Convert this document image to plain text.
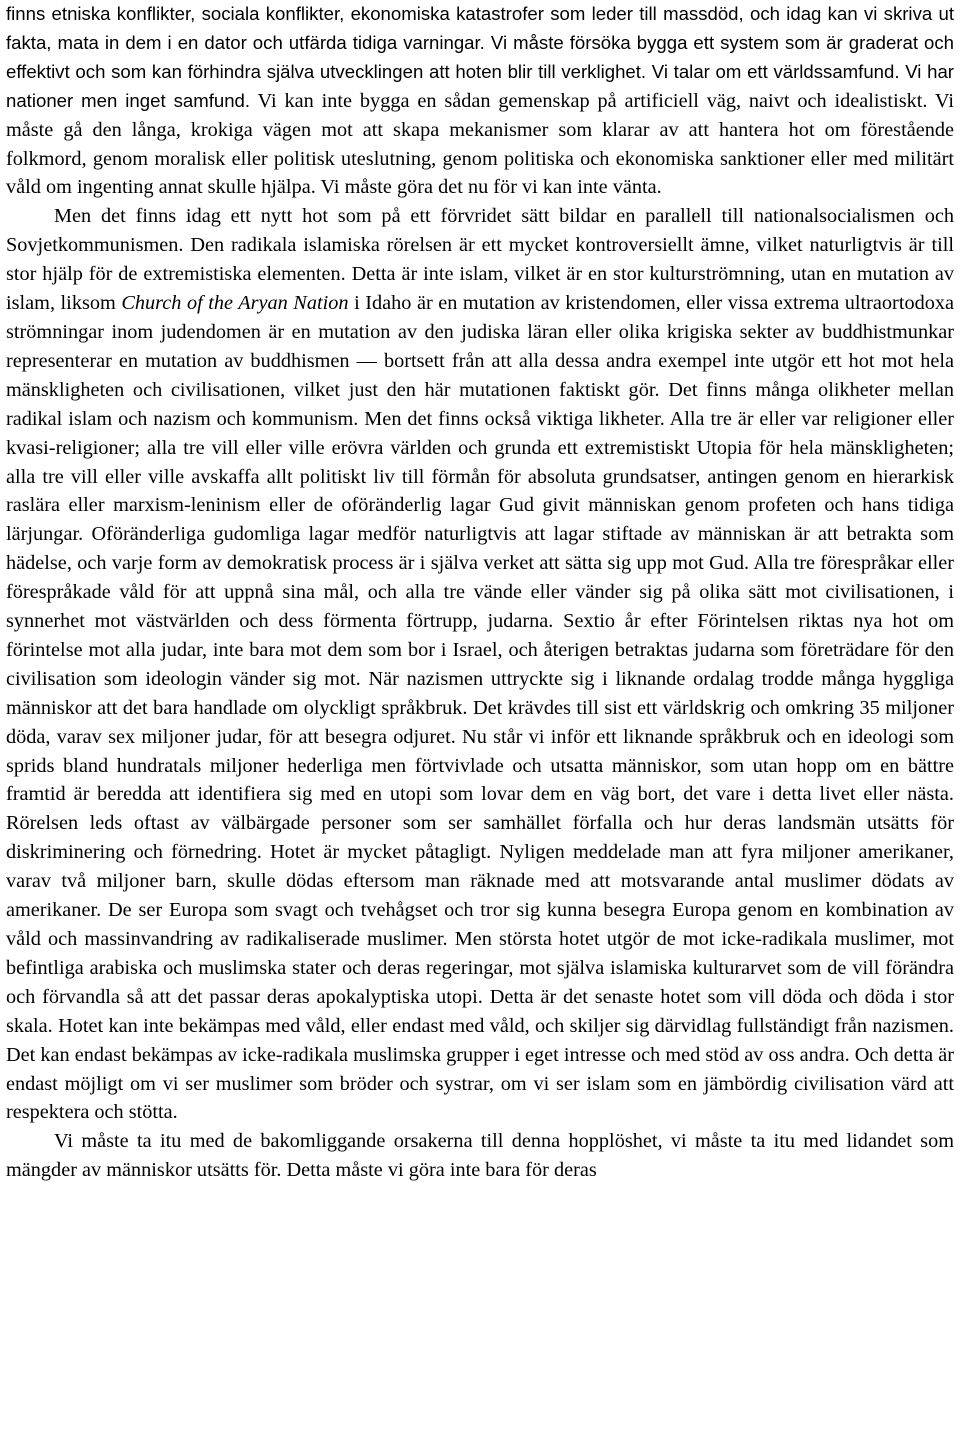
finns etniska konflikter, sociala konflikter, ekonomiska katastrofer som leder till massdöd, och idag kan vi skriva ut fakta, mata in dem i en dator och utfärda tidiga varningar. Vi måste försöka bygga ett system som är graderat och effektivt och som kan förhindra själva utvecklingen att hoten blir till verklighet. Vi talar om ett världssamfund. Vi har nationer men inget samfund. Vi kan inte bygga en sådan gemenskap på artificiell väg, naivt och idealistiskt. Vi måste gå den långa, krokiga vägen mot att skapa mekanismer som klarar av att hantera hot om förestående folkmord, genom moralisk eller politisk uteslutning, genom politiska och ekonomiska sanktioner eller med militärt våld om ingenting annat skulle hjälpa. Vi måste göra det nu för vi kan inte vänta.

Men det finns idag ett nytt hot som på ett förvridet sätt bildar en parallell till nationalsocialismen och Sovjetkommunismen. Den radikala islamiska rörelsen är ett mycket kontroversiellt ämne, vilket naturligtvis är till stor hjälp för de extremistiska elementen. Detta är inte islam, vilket är en stor kulturströmning, utan en mutation av islam, liksom Church of the Aryan Nation i Idaho är en mutation av kristendomen, eller vissa extrema ultraortodoxa strömningar inom judendomen är en mutation av den judiska läran eller olika krigiska sekter av buddhistmunkar representerar en mutation av buddhismen — bortsett från att alla dessa andra exempel inte utgör ett hot mot hela mänskligheten och civilisationen, vilket just den här mutationen faktiskt gör. Det finns många olikheter mellan radikal islam och nazism och kommunism. Men det finns också viktiga likheter. Alla tre är eller var religioner eller kvasi-religioner; alla tre vill eller ville erövra världen och grunda ett extremistiskt Utopia för hela mänskligheten; alla tre vill eller ville avskaffa allt politiskt liv till förmån för absoluta grundsatser, antingen genom en hierarkisk raslära eller marxism-leninism eller de oföränderlig lagar Gud givit människan genom profeten och hans tidiga lärjungar. Oföränderliga gudomliga lagar medför naturligtvis att lagar stiftade av människan är att betrakta som hädelse, och varje form av demokratisk process är i själva verket att sätta sig upp mot Gud. Alla tre förespråkar eller förespråkade våld för att uppnå sina mål, och alla tre vände eller vänder sig på olika sätt mot civilisationen, i synnerhet mot västvärlden och dess förmenta förtrupp, judarna. Sextio år efter Förintelsen riktas nya hot om förintelse mot alla judar, inte bara mot dem som bor i Israel, och återigen betraktas judarna som företrädare för den civilisation som ideologin vänder sig mot. När nazismen uttryckte sig i liknande ordalag trodde många hyggliga människor att det bara handlade om olyckligt språkbruk. Det krävdes till sist ett världskrig och omkring 35 miljoner döda, varav sex miljoner judar, för att besegra odjuret. Nu står vi inför ett liknande språkbruk och en ideologi som sprids bland hundratals miljoner hederliga men förtvivlade och utsatta människor, som utan hopp om en bättre framtid är beredda att identifiera sig med en utopi som lovar dem en väg bort, det vare i detta livet eller nästa. Rörelsen leds oftast av välbärgade personer som ser samhället förfalla och hur deras landsmän utsätts för diskriminering och förnedring. Hotet är mycket påtagligt. Nyligen meddelade man att fyra miljoner amerikaner, varav två miljoner barn, skulle dödas eftersom man räknade med att motsvarande antal muslimer dödats av amerikaner. De ser Europa som svagt och tvehågset och tror sig kunna besegra Europa genom en kombination av våld och massinvandring av radikaliserade muslimer. Men största hotet utgör de mot icke-radikala muslimer, mot befintliga arabiska och muslimska stater och deras regeringar, mot själva islamiska kulturarvet som de vill förändra och förvandla så att det passar deras apokalyptiska utopi. Detta är det senaste hotet som vill döda och döda i stor skala. Hotet kan inte bekämpas med våld, eller endast med våld, och skiljer sig därvidlag fullständigt från nazismen. Det kan endast bekämpas av icke-radikala muslimska grupper i eget intresse och med stöd av oss andra. Och detta är endast möjligt om vi ser muslimer som bröder och systrar, om vi ser islam som en jämbördig civilisation värd att respektera och stötta.

Vi måste ta itu med de bakomliggande orsakerna till denna hopplöshet, vi måste ta itu med lidandet som mängder av människor utsätts för. Detta måste vi göra inte bara för deras
